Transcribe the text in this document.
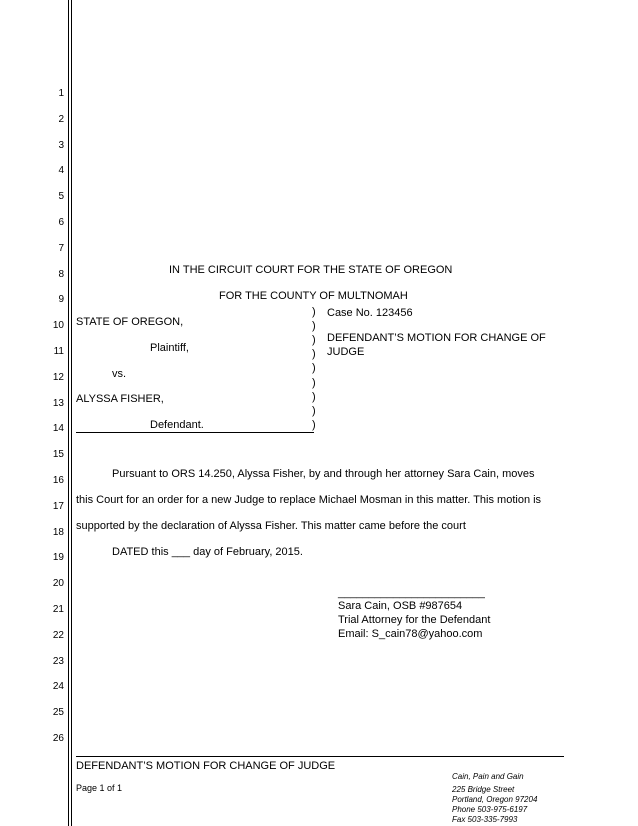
1
2
3
4
5
6
7
8
9
10
11
12
13
14
15
16
17
18
19
20
21
22
23
24
25
26
IN THE CIRCUIT COURT FOR THE STATE OF OREGON
FOR THE COUNTY OF MULTNOMAH
STATE OF OREGON,
Plaintiff,
vs.
ALYSSA FISHER,
Defendant.
)
)
)
)
)
)
)
)
)
Case No. 123456
DEFENDANT’S MOTION FOR CHANGE OF
JUDGE
Pursuant to ORS 14.250, Alyssa Fisher, by and through her attorney Sara Cain, moves
this Court for an order for a new Judge to replace Michael Mosman in this matter. This motion is
supported by the declaration of Alyssa Fisher. This matter came before the court
DATED this ___ day of February, 2015.
________________________
Sara Cain, OSB #987654
Trial Attorney for the Defendant
Email: S_cain78@yahoo.com
DEFENDANT’S MOTION FOR CHANGE OF JUDGE
Page 1 of 1
Cain, Pain and Gain
225 Bridge Street
Portland, Oregon 97204
Phone 503-975-6197
Fax 503-335-7993
